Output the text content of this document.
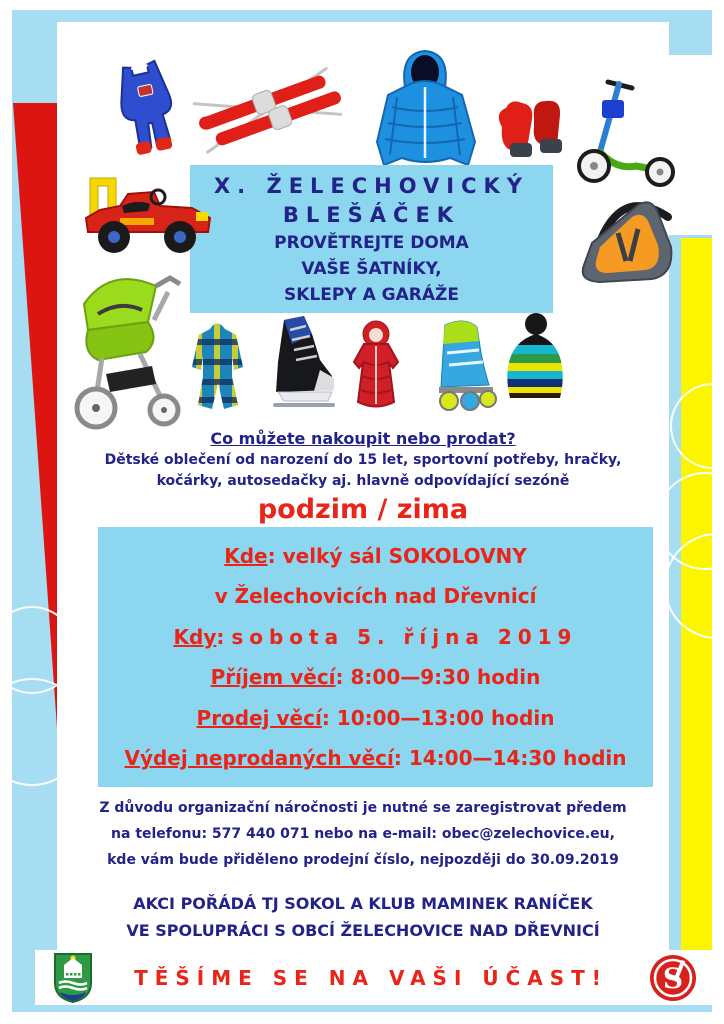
X. ŽELECHOVICKÝ
BLEŠÁČEK
PROVĚTREJTE DOMA
VAŠE ŠATNÍKY,
SKLEPY A GARÁŽE
Co můžete nakoupit nebo prodat?
Dětské oblečení od narození do 15 let, sportovní potřeby, hračky,
kočárky, autosedačky aj. hlavně odpovídající sezóně
podzim / zima
Kde: velký sál SOKOLOVNY
v Želechovicích nad Dřevnicí
Kdy: sobota 5. října 2019
Příjem věcí: 8:00—9:30 hodin
Prodej věcí: 10:00—13:00 hodin
Výdej neprodaných věcí: 14:00—14:30 hodin
Z důvodu organizační náročnosti je nutné se zaregistrovat předem
na telefonu: 577 440 071 nebo na e-mail: obec@zelechovice.eu,
kde vám bude přiděleno prodejní číslo, nejpozději do 30.09.2019
AKCI POŘÁDÁ TJ SOKOL A KLUB MAMINEK RANÍČEK
VE SPOLUPRÁCI S OBCÍ ŽELECHOVICE NAD DŘEVNICÍ
TĚŠÍME SE NA VAŠI ÚČAST! S
